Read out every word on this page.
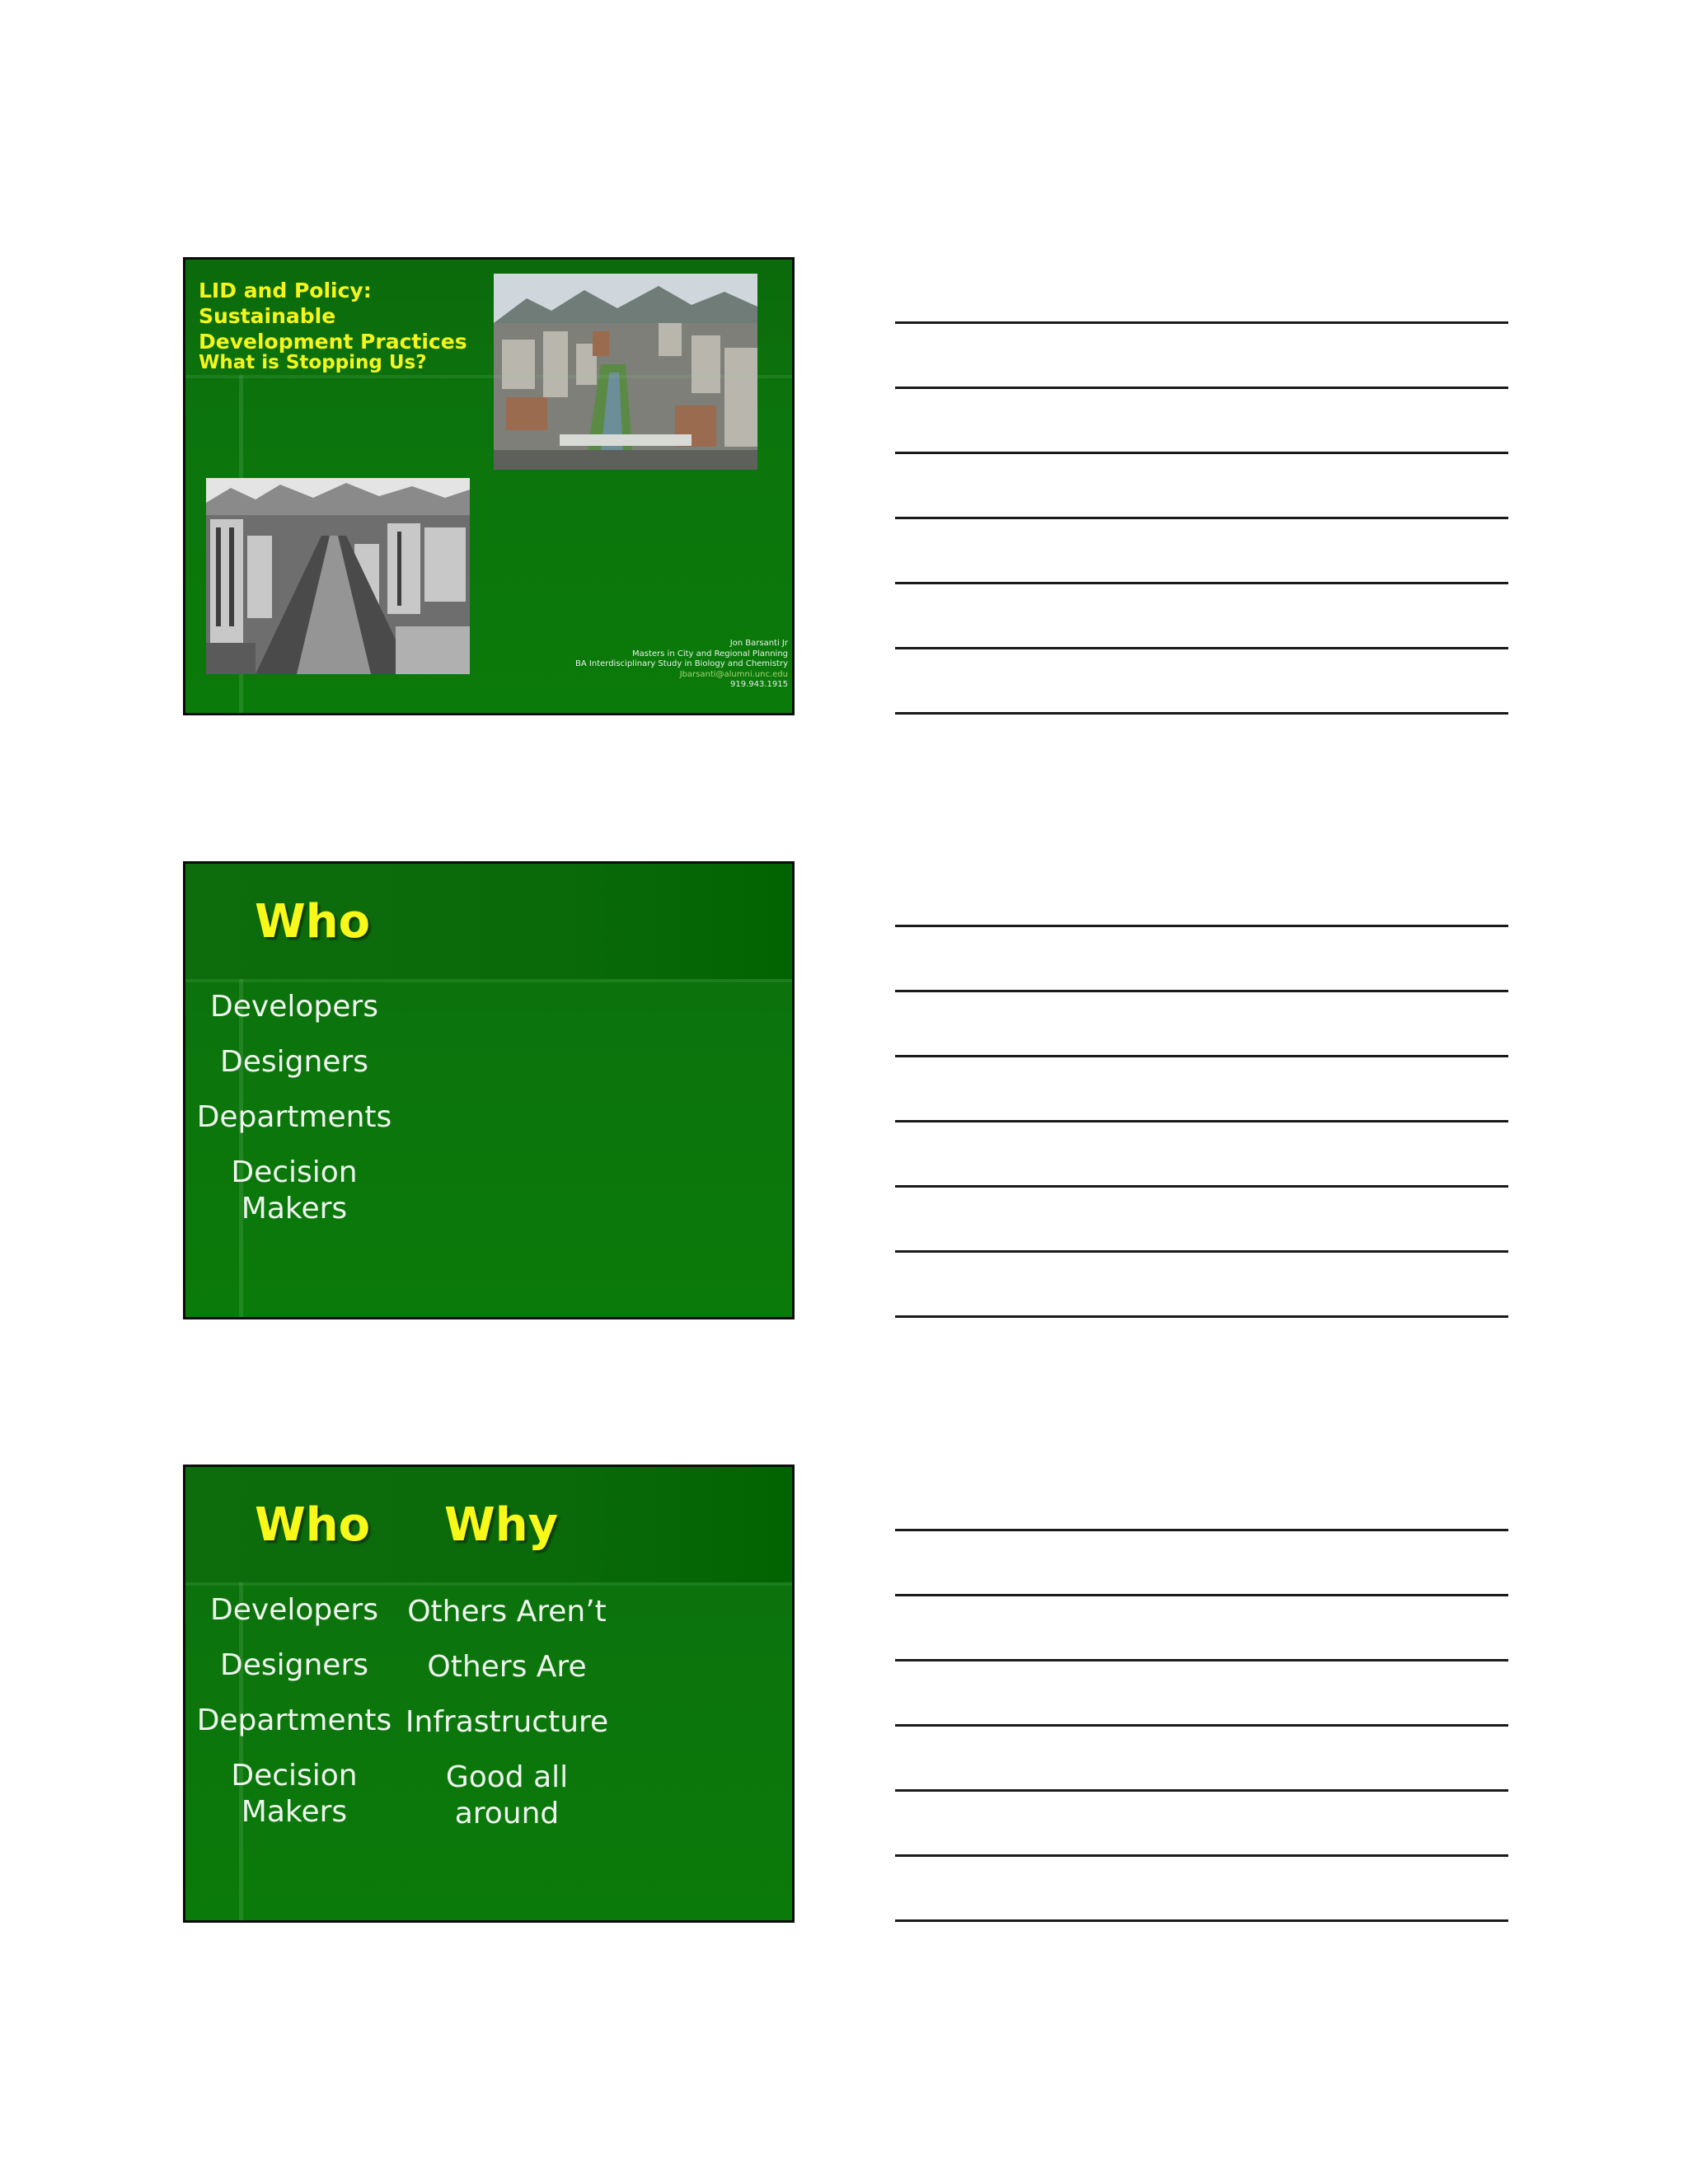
LID and Policy: Sustainable Development Practices
What is Stopping Us?
Jon Barsanti Jr
Masters in City and Regional Planning
BA Interdisciplinary Study in Biology and Chemistry
Jbarsanti@alumni.unc.edu
919.943.1915
Who
Developers
Designers
Departments
Decision Makers
Who Why
Developers
Designers
Departments
Decision Makers
Others Aren’t
Others Are
Infrastructure
Good all around
